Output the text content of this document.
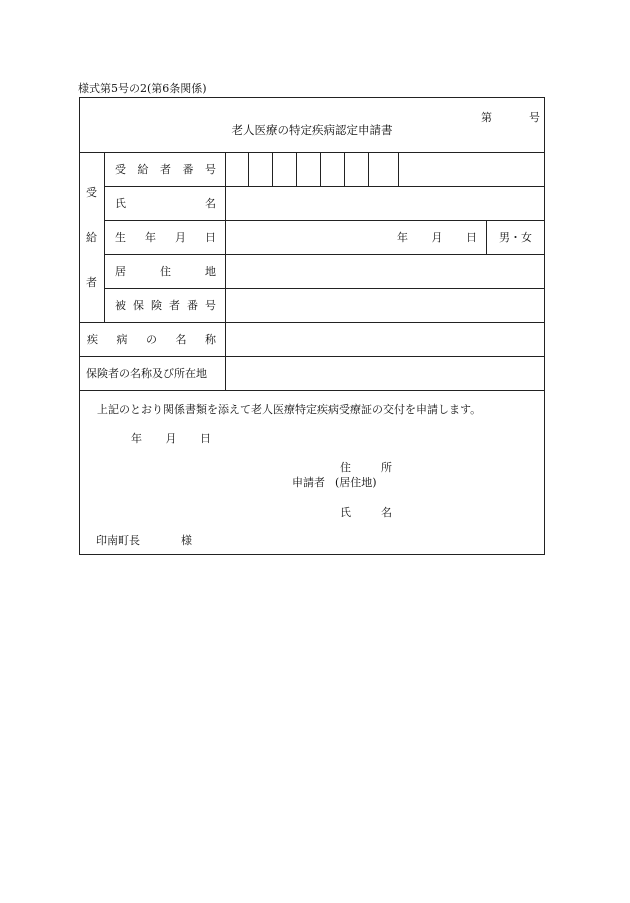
様式第5号の2(第6条関係)
第	号
老人医療の特定疾病認定申請書
受
給
者
受 給 者 番 号
氏	名
生 年 月 日	年 月 日 男・女
居	住	地
被 保 険 者 番 号
疾 病 の 名 称
保険者の名称及び所在地
上記のとおり関係書類を添えて老人医療特定疾病受療証の交付を申請します。
年 月 日
住	所
申請者 (居住地)
氏	名
印南町長	様
